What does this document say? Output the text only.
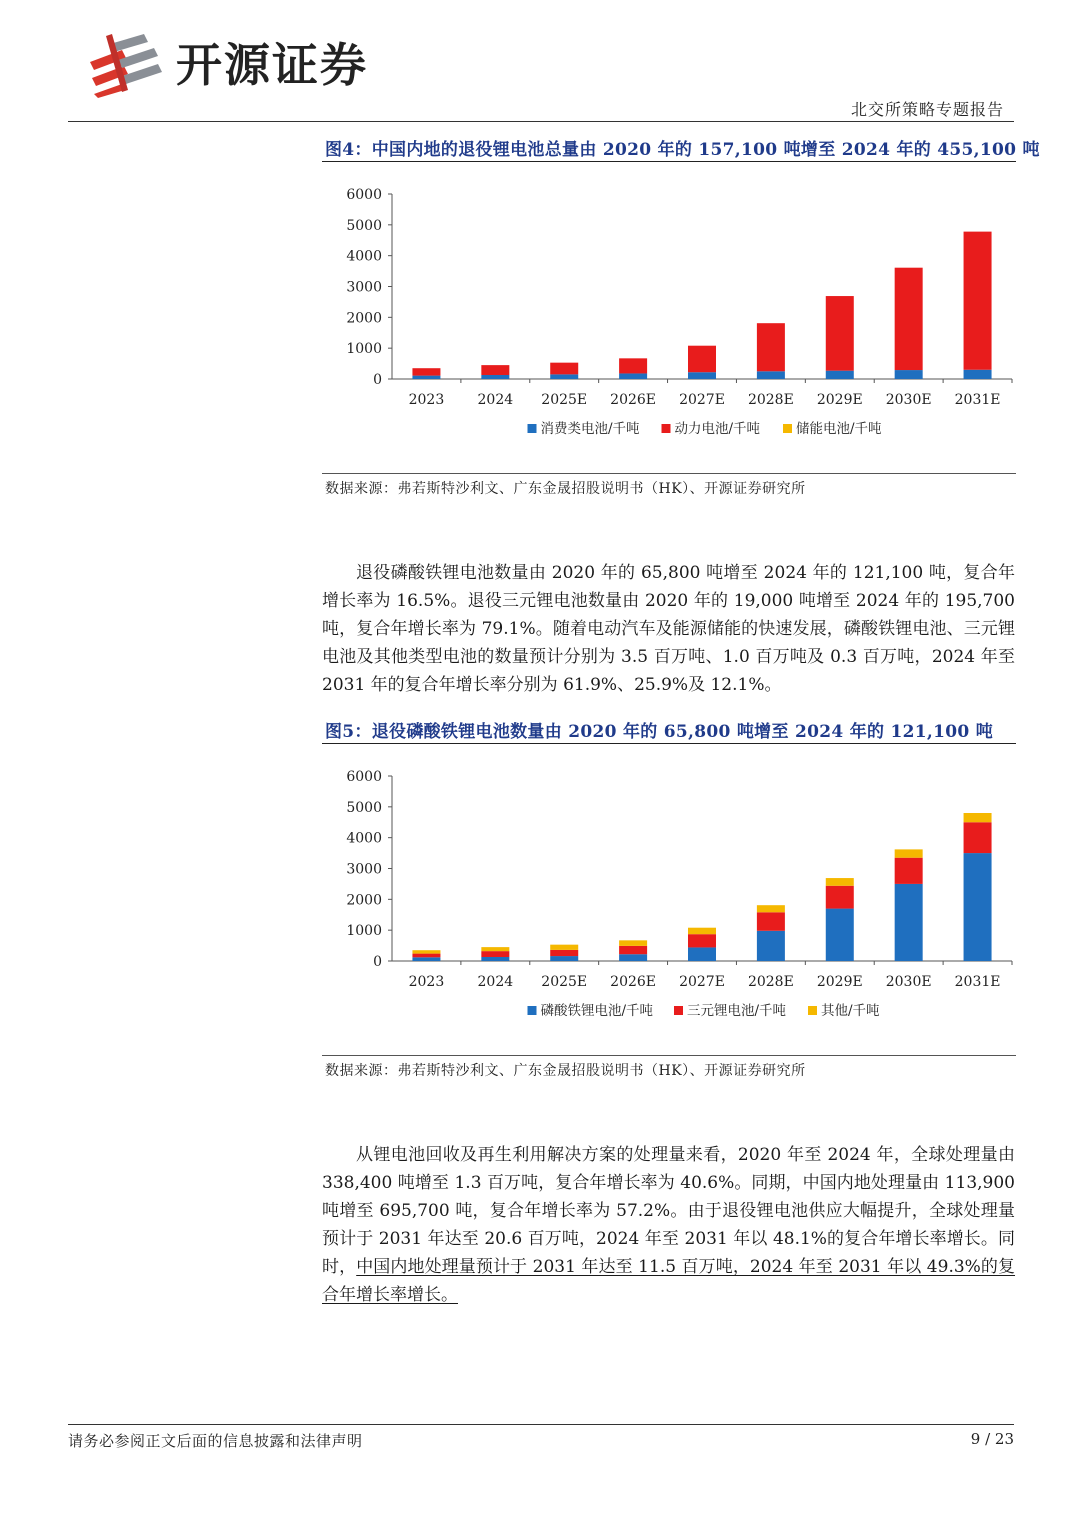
开源证券
北交所策略专题报告
图4：中国内地的退役锂电池总量由 2020 年的 157,100 吨增至 2024 年的 455,100 吨
0
1000
2000
3000
4000
5000
6000
2023 2024 2025E 2026E 2027E 2028E 2029E 2030E 2031E
消费类电池/千吨	动力电池/千吨	储能电池/千吨
数据来源：弗若斯特沙利文、广东金晟招股说明书（HK）、开源证券研究所

退役磷酸铁锂电池数量由 2020 年的 65,800 吨增至 2024 年的 121,100 吨，复合年增长率为 16.5%。退役三元锂电池数量由 2020 年的 19,000 吨增至 2024 年的 195,700 吨，复合年增长率为 79.1%。随着电动汽车及能源储能的快速发展，磷酸铁锂电池、三元锂电池及其他类型电池的数量预计分别为 3.5 百万吨、1.0 百万吨及 0.3 百万吨，2024 年至 2031 年的复合年增长率分别为 61.9%、25.9%及 12.1%。

图5：退役磷酸铁锂电池数量由 2020 年的 65,800 吨增至 2024 年的 121,100 吨
0
1000
2000
3000
4000
5000
6000
2023 2024 2025E 2026E 2027E 2028E 2029E 2030E 2031E
磷酸铁锂电池/千吨	三元锂电池/千吨	其他/千吨
数据来源：弗若斯特沙利文、广东金晟招股说明书（HK）、开源证券研究所

从锂电池回收及再生利用解决方案的处理量来看，2020 年至 2024 年，全球处理量由 338,400 吨增至 1.3 百万吨，复合年增长率为 40.6%。同期，中国内地处理量由 113,900 吨增至 695,700 吨，复合年增长率为 57.2%。由于退役锂电池供应大幅提升，全球处理量预计于 2031 年达至 20.6 百万吨，2024 年至 2031 年以 48.1%的复合年增长率增长。同时，中国内地处理量预计于 2031 年达至 11.5 百万吨，2024 年至 2031 年以 49.3%的复合年增长率增长。

请务必参阅正文后面的信息披露和法律声明	9 / 23
